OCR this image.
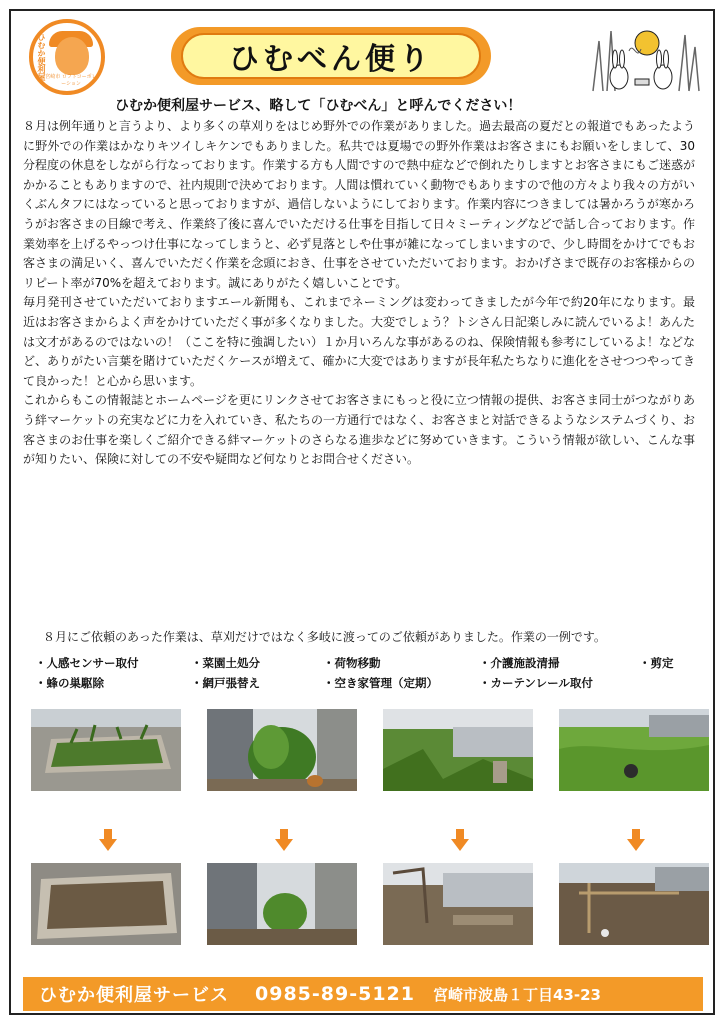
ひむか便利屋 宮崎市 ロフトコーポレーション
ひむべん便り
ひむか便利屋サービス、略して「ひむべん」と呼んでください！

８月は例年通りと言うより、より多くの草刈りをはじめ野外での作業がありました。過去最高の夏だとの報道でもあったように野外での作業はかなりキツイしキケンでもありました。私共では夏場での野外作業はお客さまにもお願いをしまして、30分程度の休息をしながら行なっております。作業する方も人間ですので熱中症などで倒れたりしますとお客さまにもご迷惑がかかることもありますので、社内規則で決めております。人間は慣れていく動物でもありますので他の方々より我々の方がいくぶんタフにはなっていると思っておりますが、過信しないようにしております。作業内容につきましては暑かろうが寒かろうがお客さまの目線で考え、作業終了後に喜んでいただける仕事を目指して日々ミーティングなどで話し合っております。作業効率を上げるやっつけ仕事になってしまうと、必ず見落としや仕事が雑になってしまいますので、少し時間をかけてでもお客さまの満足いく、喜んでいただく作業を念頭におき、仕事をさせていただいております。おかげさまで既存のお客様からのリピート率が70%を超えております。誠にありがたく嬉しいことです。

毎月発刊させていただいておりますエール新聞も、これまでネーミングは変わってきましたが今年で約20年になります。最近はお客さまからよく声をかけていただく事が多くなりました。大変でしょう？トシさん日記楽しみに読んでいるよ！あんたは文才があるのではないの！（ここを特に強調したい）１か月いろんな事があるのね、保険情報も参考にしているよ！などなど、ありがたい言葉を賭けていただくケースが増えて、確かに大変ではありますが長年私たちなりに進化をさせつつやってきて良かった！と心から思います。

これからもこの情報誌とホームページを更にリンクさせてお客さまにもっと役に立つ情報の提供、お客さま同士がつながりあう絆マーケットの充実などに力を入れていき、私たちの一方通行ではなく、お客さまと対話できるようなシステムづくり、お客さまのお仕事を楽しくご紹介できる絆マーケットのさらなる進歩などに努めていきます。こういう情報が欲しい、こんな事が知りたい、保険に対しての不安や疑問など何なりとお問合せください。

８月にご依頼のあった作業は、草刈だけではなく多岐に渡ってのご依頼がありました。作業の一例です。
・人感センサー取付	・菜園土処分	・荷物移動	・介護施設清掃	・剪定
・蜂の巣駆除	・網戸張替え	・空き家管理（定期）	・カーテンレール取付
ひむか便利屋サービス 0985-89-5121 宮崎市波島１丁目43-23
